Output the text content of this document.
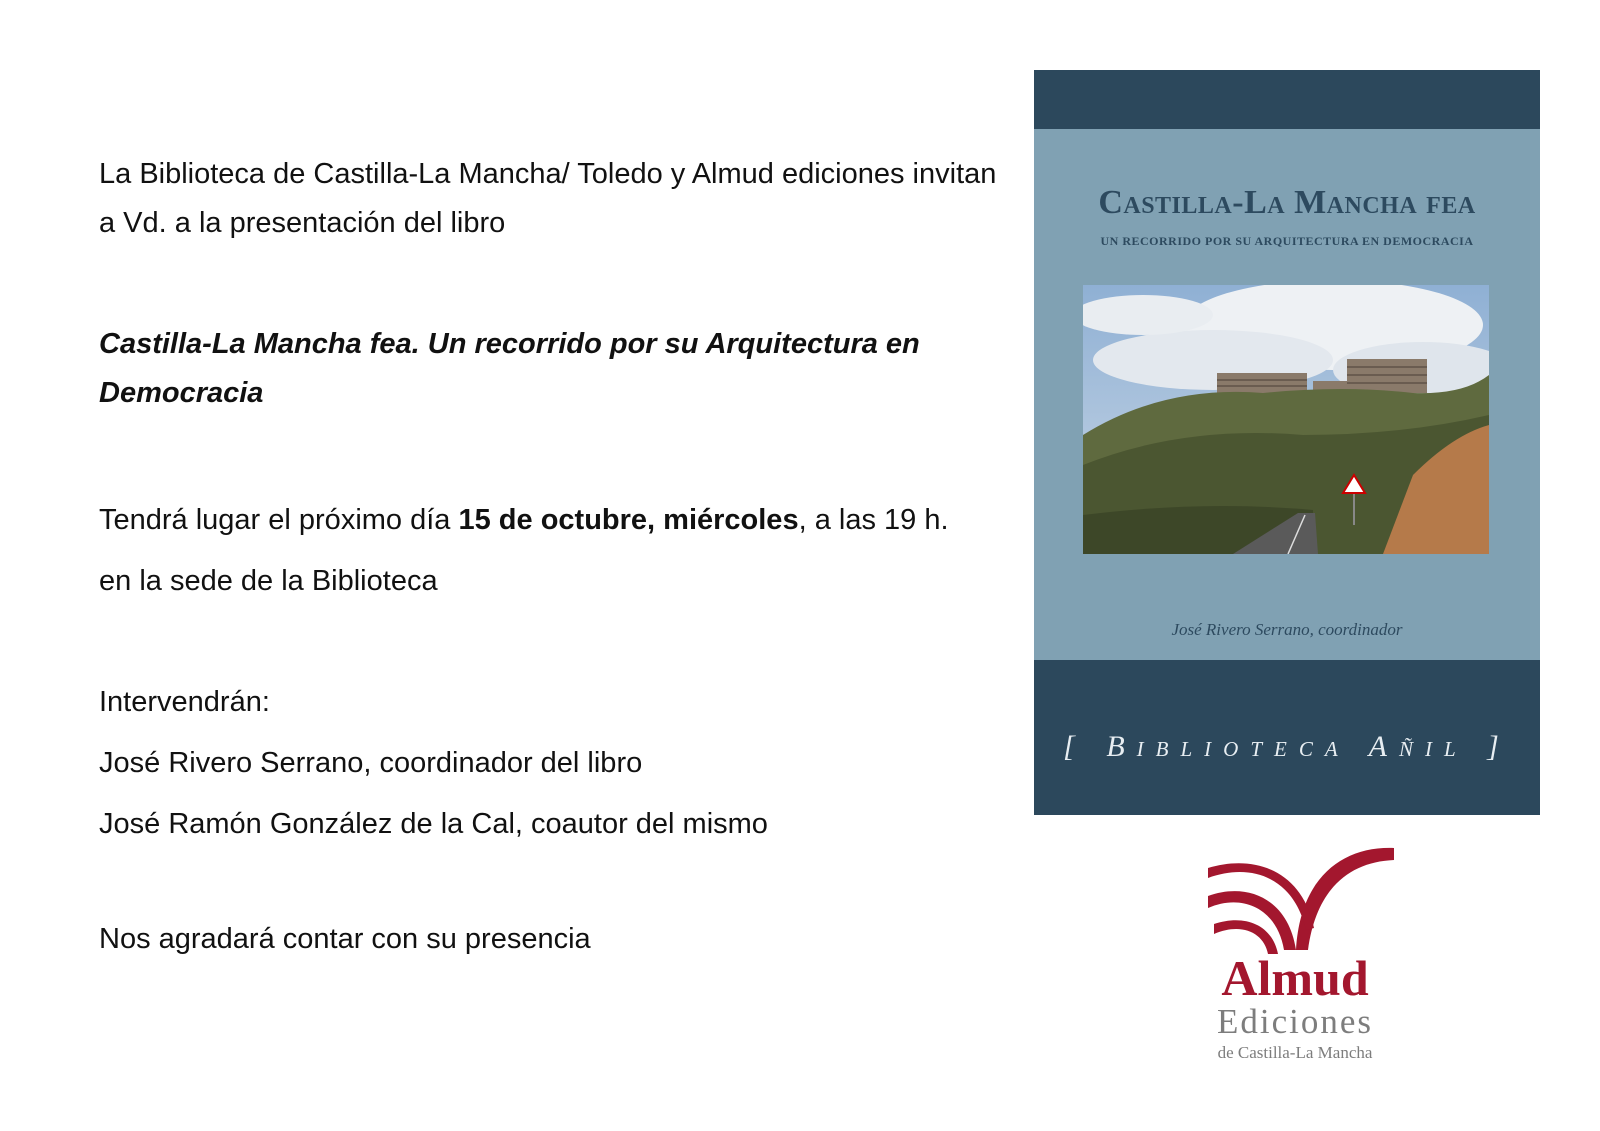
La Biblioteca de Castilla-La Mancha/ Toledo y Almud ediciones invitan a Vd. a la presentación del libro

Castilla-La Mancha fea. Un recorrido por su Arquitectura en Democracia

Tendrá lugar el próximo día 15 de octubre, miércoles, a las 19 h.
en la sede de la Biblioteca

Intervendrán:
José Rivero Serrano, coordinador del libro
José Ramón González de la Cal, coautor del mismo

Nos agradará contar con su presencia

Castilla-La Mancha fea
UN RECORRIDO POR SU ARQUITECTURA EN DEMOCRACIA
José Rivero Serrano, coordinador
[ Biblioteca Añil ]
Almud
Ediciones
de Castilla-La Mancha
